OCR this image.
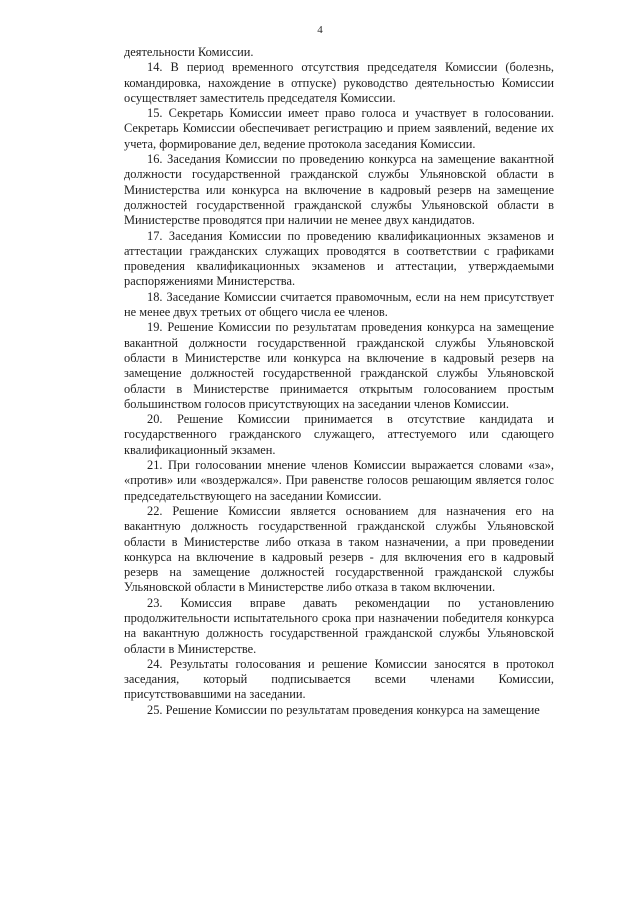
4

деятельности Комиссии.

14. В период временного отсутствия председателя Комиссии (болезнь, командировка, нахождение в отпуске) руководство деятельностью Комиссии осуществляет заместитель председателя Комиссии.

15. Секретарь Комиссии имеет право голоса и участвует в голосовании. Секретарь Комиссии обеспечивает регистрацию и прием заявлений, ведение их учета, формирование дел, ведение протокола заседания Комиссии.

16. Заседания Комиссии по проведению конкурса на замещение вакантной должности государственной гражданской службы Ульяновской области в Министерства или конкурса на включение в кадровый резерв на замещение должностей государственной гражданской службы Ульяновской области в Министерстве проводятся при наличии не менее двух кандидатов.

17. Заседания Комиссии по проведению квалификационных экзаменов и аттестации гражданских служащих проводятся в соответствии с графиками проведения квалификационных экзаменов и аттестации, утверждаемыми распоряжениями Министерства.

18. Заседание Комиссии считается правомочным, если на нем присутствует не менее двух третьих от общего числа ее членов.

19. Решение Комиссии по результатам проведения конкурса на замещение вакантной должности государственной гражданской службы Ульяновской области в Министерстве или конкурса на включение в кадровый резерв на замещение должностей государственной гражданской службы Ульяновской области в Министерстве принимается открытым голосованием простым большинством голосов присутствующих на заседании членов Комиссии.

20. Решение Комиссии принимается в отсутствие кандидата и государственного гражданского служащего, аттестуемого или сдающего квалификационный экзамен.

21. При голосовании мнение членов Комиссии выражается словами «за», «против» или «воздержался». При равенстве голосов решающим является голос председательствующего на заседании Комиссии.

22. Решение Комиссии является основанием для назначения его на вакантную должность государственной гражданской службы Ульяновской области в Министерстве либо отказа в таком назначении, а при проведении конкурса на включение в кадровый резерв - для включения его в кадровый резерв на замещение должностей государственной гражданской службы Ульяновской области в Министерстве либо отказа в таком включении.

23. Комиссия вправе давать рекомендации по установлению продолжительности испытательного срока при назначении победителя конкурса на вакантную должность государственной гражданской службы Ульяновской области в Министерстве.

24. Результаты голосования и решение Комиссии заносятся в протокол заседания, который подписывается всеми членами Комиссии, присутствовавшими на заседании.

25. Решение Комиссии по результатам проведения конкурса на замещение
